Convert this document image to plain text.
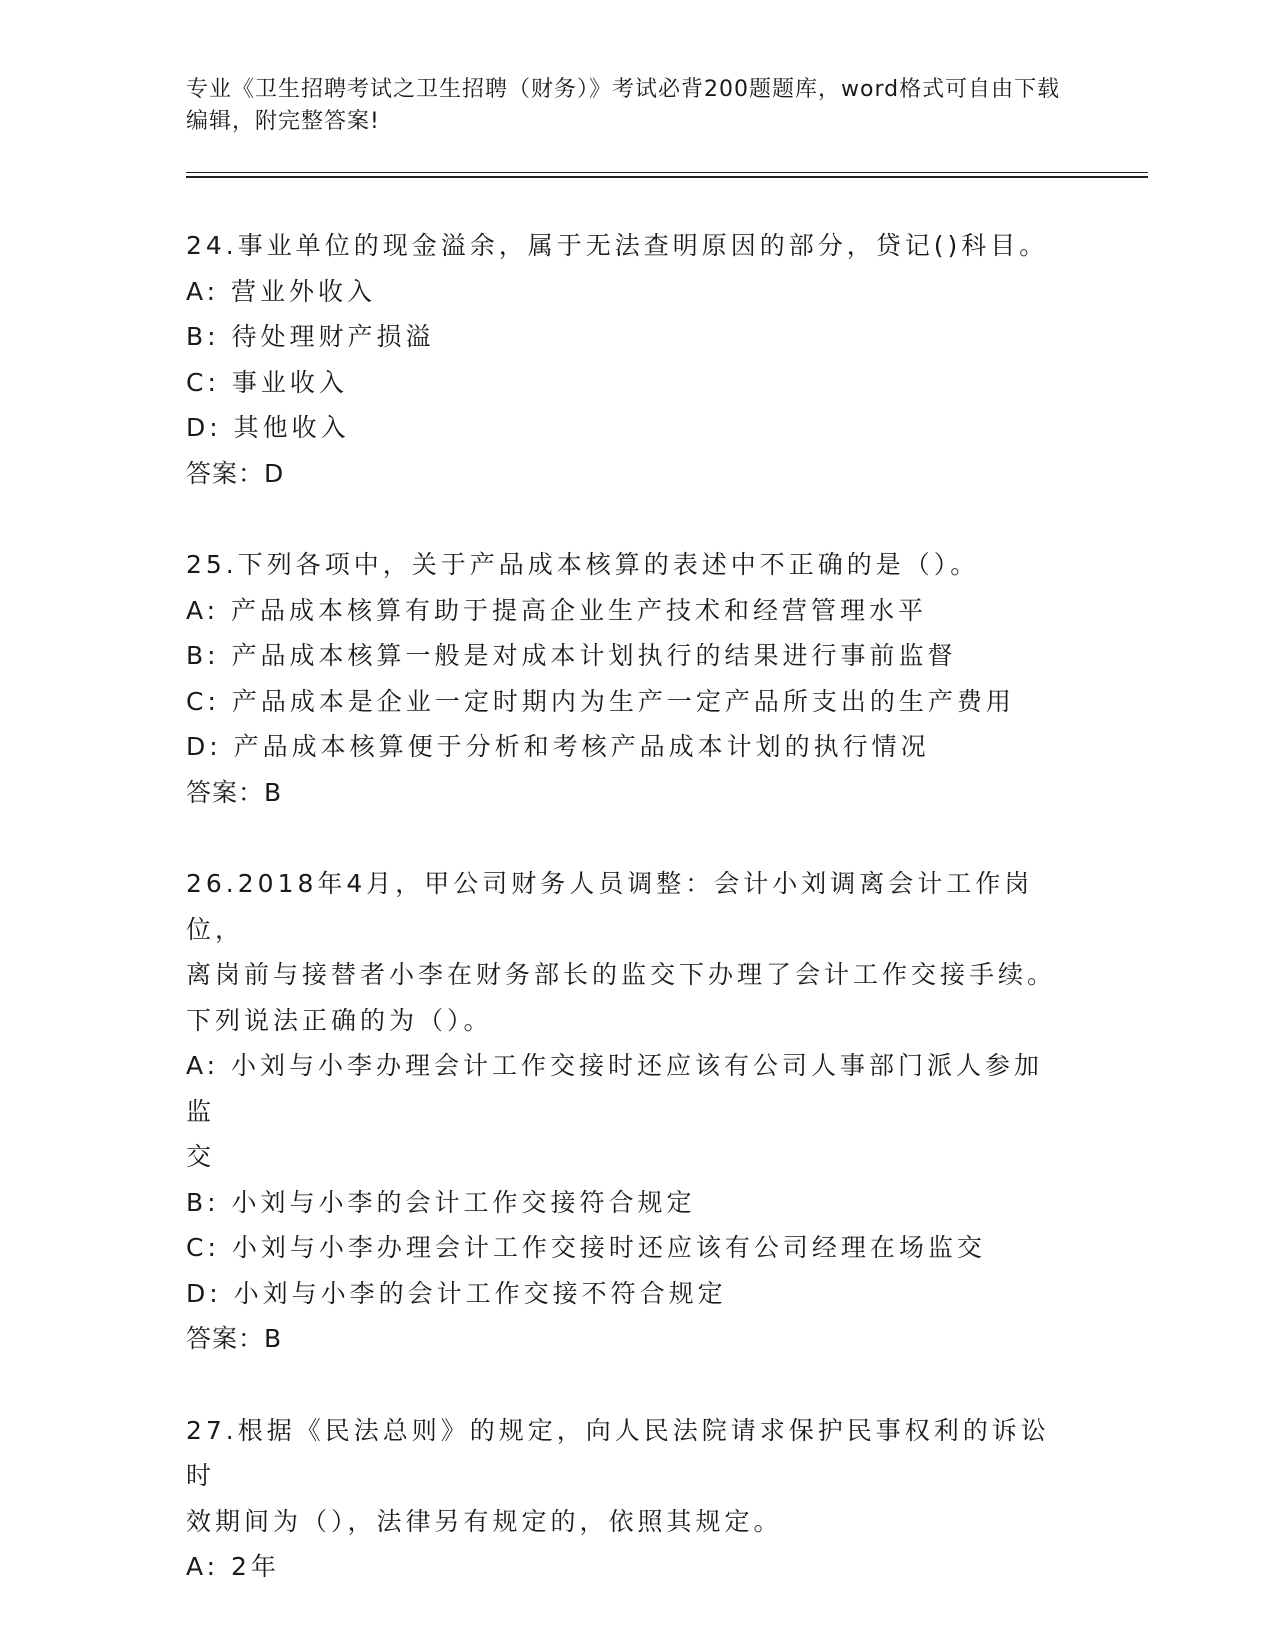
专业《卫生招聘考试之卫生招聘（财务）》考试必背200题题库，word格式可自由下载编辑，附完整答案!

24.事业单位的现金溢余，属于无法查明原因的部分，贷记()科目。

A: 营业外收入

B: 待处理财产损溢

C: 事业收入

D: 其他收入

答案：D

25.下列各项中，关于产品成本核算的表述中不正确的是（）。

A: 产品成本核算有助于提高企业生产技术和经营管理水平

B: 产品成本核算一般是对成本计划执行的结果进行事前监督

C: 产品成本是企业一定时期内为生产一定产品所支出的生产费用

D: 产品成本核算便于分析和考核产品成本计划的执行情况

答案：B

26.2018年4月，甲公司财务人员调整：会计小刘调离会计工作岗位，

离岗前与接替者小李在财务部长的监交下办理了会计工作交接手续。

下列说法正确的为（）。

A: 小刘与小李办理会计工作交接时还应该有公司人事部门派人参加监

交

B: 小刘与小李的会计工作交接符合规定

C: 小刘与小李办理会计工作交接时还应该有公司经理在场监交

D: 小刘与小李的会计工作交接不符合规定

答案：B

27.根据《民法总则》的规定，向人民法院请求保护民事权利的诉讼时

效期间为（），法律另有规定的，依照其规定。

A: 2年
